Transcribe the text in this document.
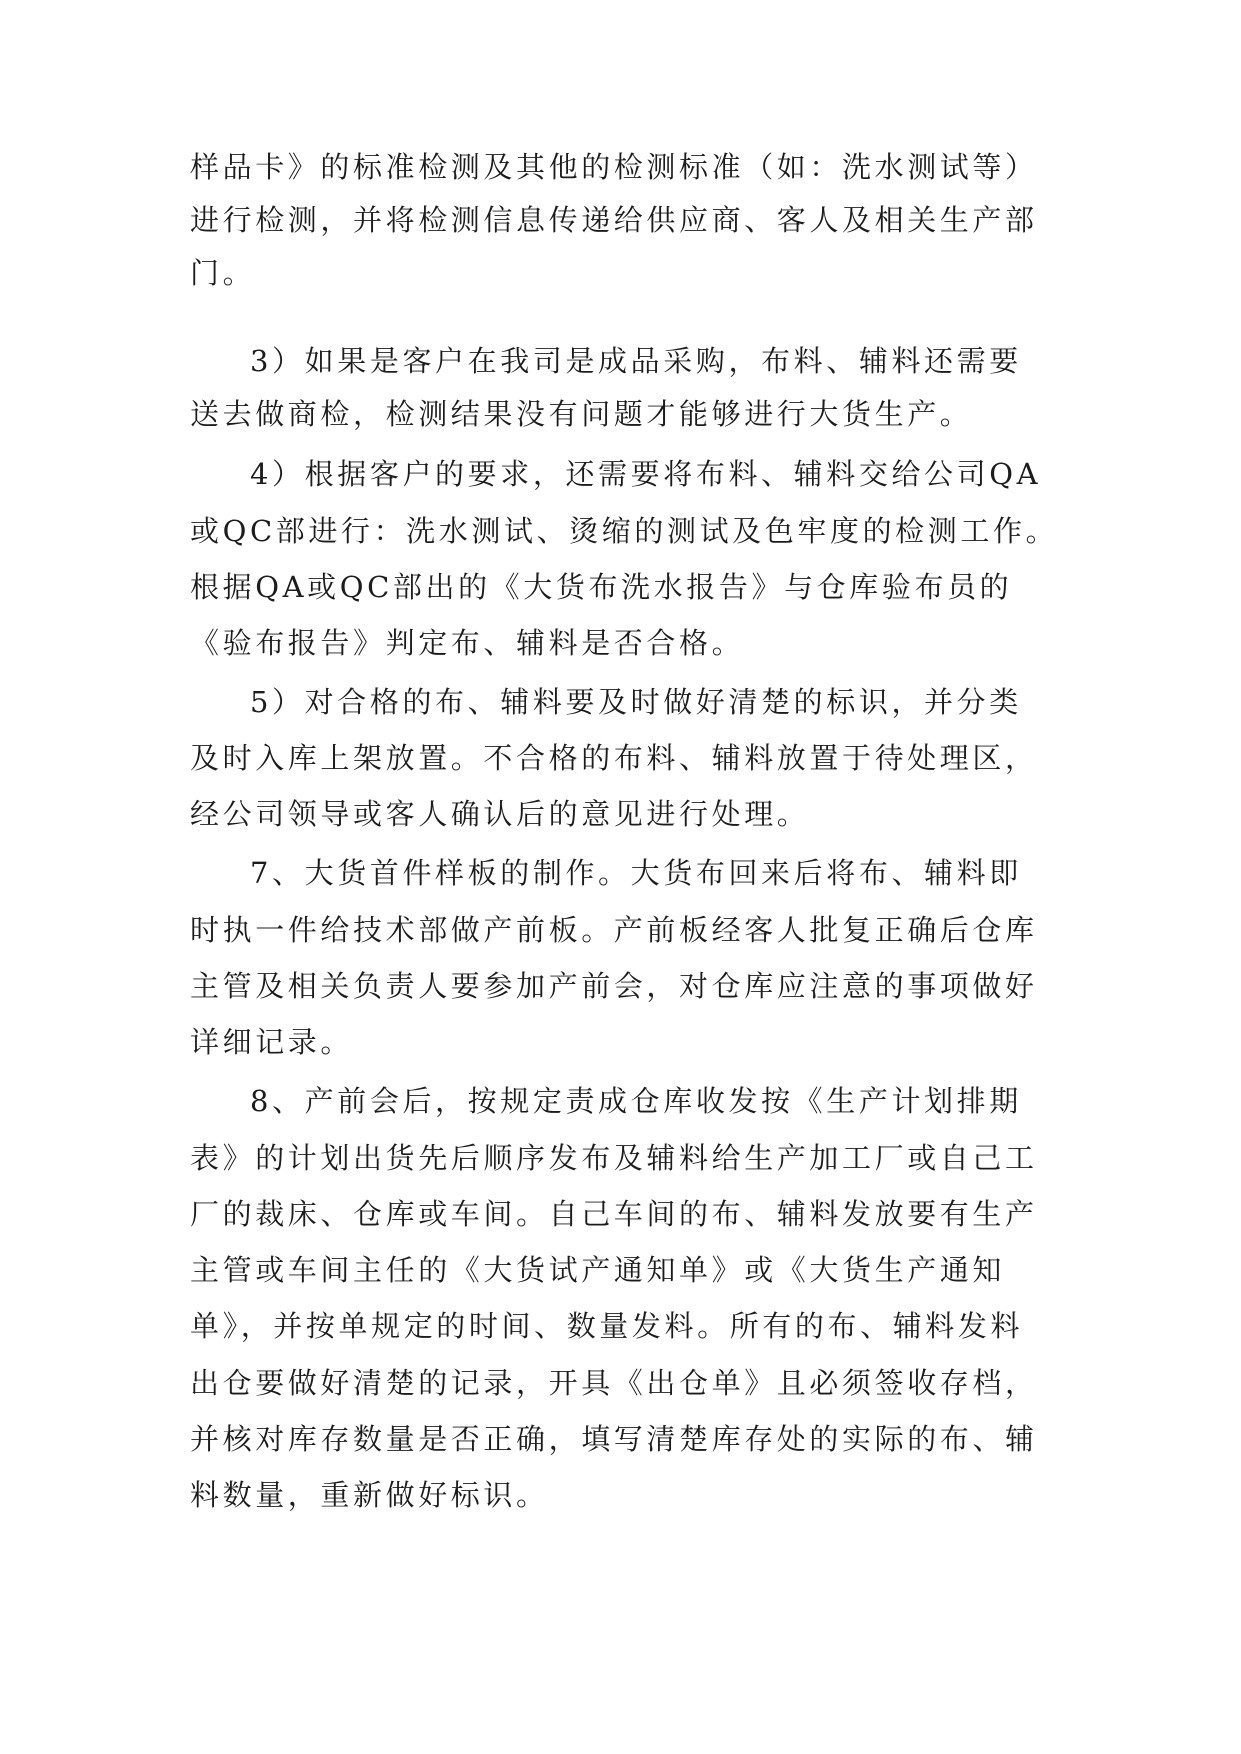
样品卡》的标准检测及其他的检测标准（如：洗水测试等）

进行检测，并将检测信息传递给供应商、客人及相关生产部

门。

3）如果是客户在我司是成品采购，布料、辅料还需要

送去做商检，检测结果没有问题才能够进行大货生产。

4）根据客户的要求，还需要将布料、辅料交给公司QA

或QC部进行：洗水测试、烫缩的测试及色牢度的检测工作。

根据QA或QC部出的《大货布洗水报告》与仓库验布员的

《验布报告》判定布、辅料是否合格。

5）对合格的布、辅料要及时做好清楚的标识，并分类

及时入库上架放置。不合格的布料、辅料放置于待处理区，

经公司领导或客人确认后的意见进行处理。

7、大货首件样板的制作。大货布回来后将布、辅料即

时执一件给技术部做产前板。产前板经客人批复正确后仓库

主管及相关负责人要参加产前会，对仓库应注意的事项做好

详细记录。

8、产前会后，按规定责成仓库收发按《生产计划排期

表》的计划出货先后顺序发布及辅料给生产加工厂或自己工

厂的裁床、仓库或车间。自己车间的布、辅料发放要有生产

主管或车间主任的《大货试产通知单》或《大货生产通知

单》，并按单规定的时间、数量发料。所有的布、辅料发料

出仓要做好清楚的记录，开具《出仓单》且必须签收存档，

并核对库存数量是否正确，填写清楚库存处的实际的布、辅

料数量，重新做好标识。
